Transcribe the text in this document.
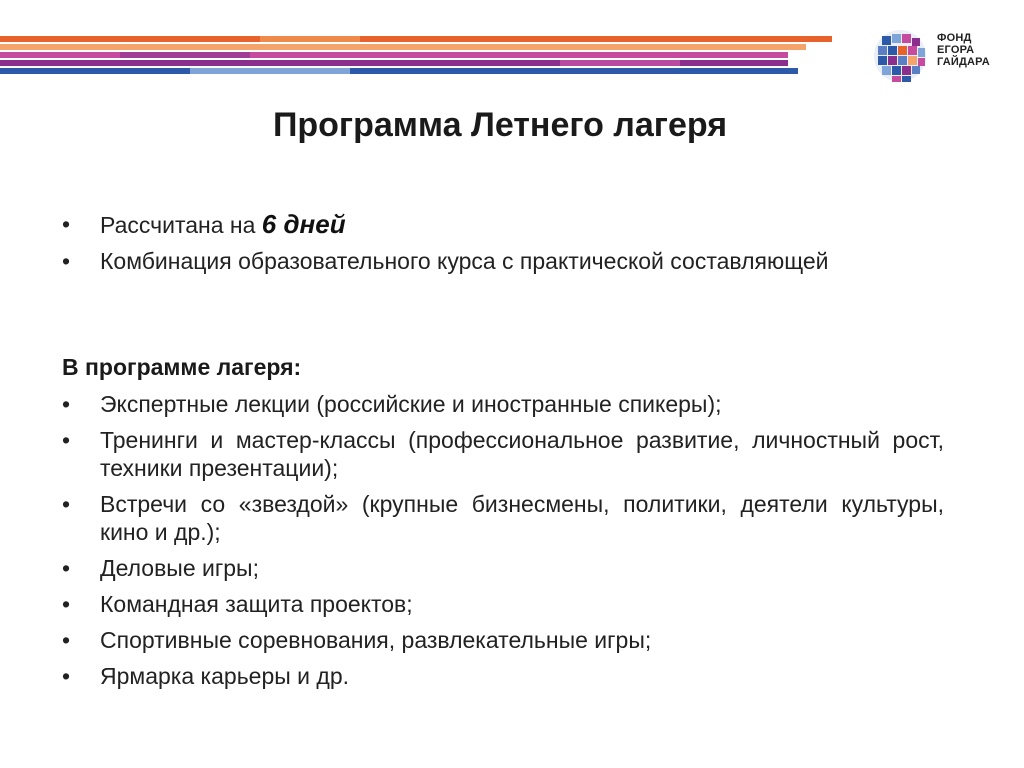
ФОНД
ЕГОРА
ГАЙДАРА
Программа Летнего лагеря
•	Рассчитана на 6 дней
•	Комбинация образовательного курса с практической составляющей
В программе лагеря:
•	Экспертные лекции (российские и иностранные спикеры);
•	Тренинги и мастер-классы (профессиональное развитие, личностный рост, техники презентации);
•	Встречи со «звездой» (крупные бизнесмены, политики, деятели культуры, кино и др.);
•	Деловые игры;
•	Командная защита проектов;
•	Спортивные соревнования, развлекательные игры;
•	Ярмарка карьеры и др.
